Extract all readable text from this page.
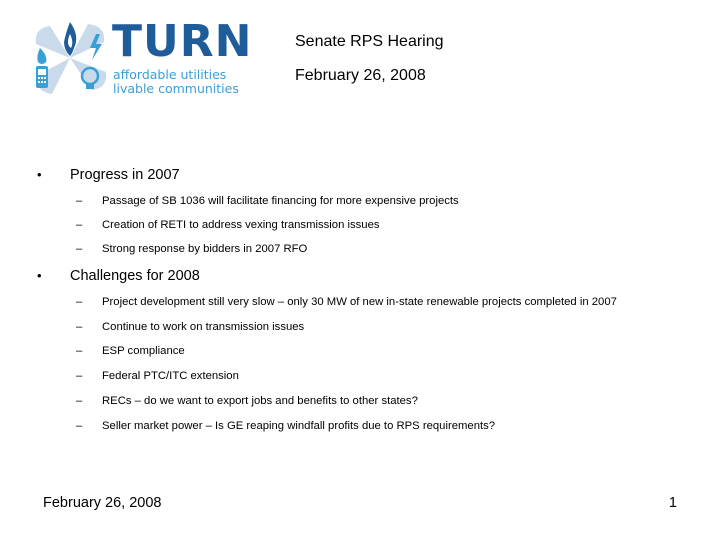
TURN
affordable utilities
livable communities
Senate RPS Hearing
February 26, 2008
• Progress in 2007
– Passage of SB 1036 will facilitate financing for more expensive projects
– Creation of RETI to address vexing transmission issues
– Strong response by bidders in 2007 RFO
• Challenges for 2008
– Project development still very slow – only 30 MW of new in-state renewable projects completed in 2007
– Continue to work on transmission issues
– ESP compliance
– Federal PTC/ITC extension
– RECs – do we want to export jobs and benefits to other states?
– Seller market power – Is GE reaping windfall profits due to RPS requirements?
February 26, 2008	1
